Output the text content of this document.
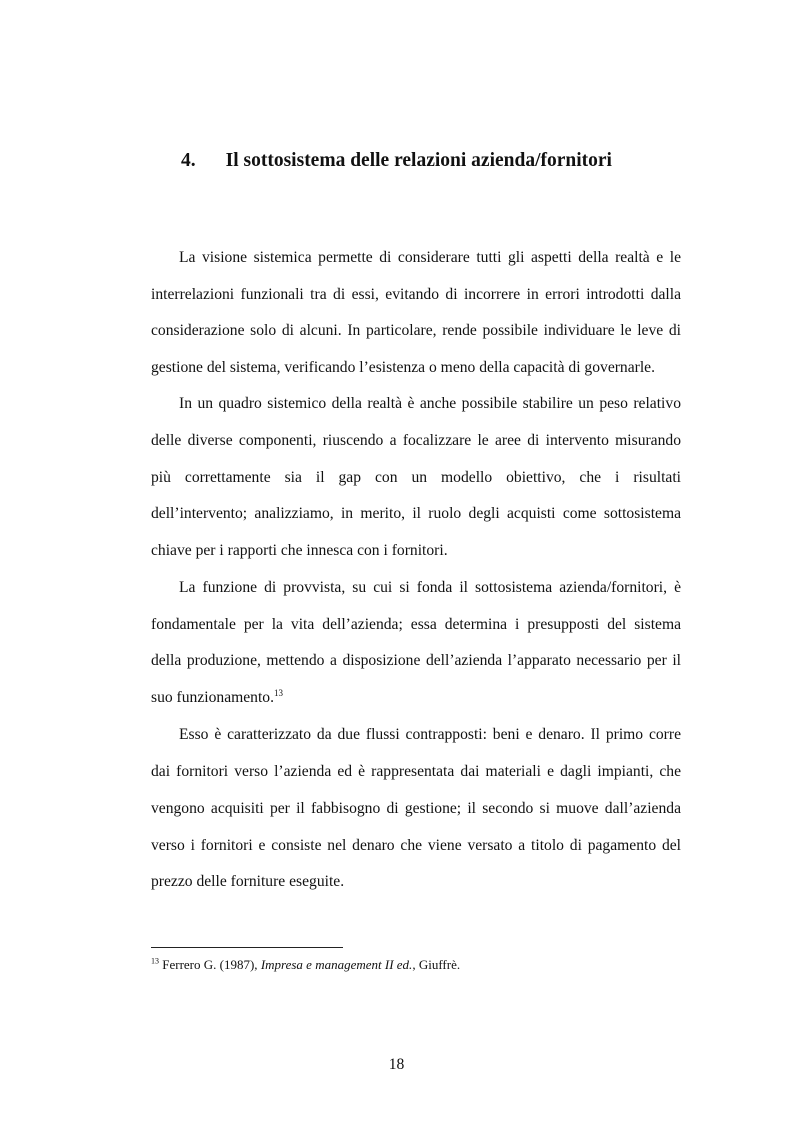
4. Il sottosistema delle relazioni azienda/fornitori
La visione sistemica permette di considerare tutti gli aspetti della realtà e le
interrelazioni funzionali tra di essi, evitando di incorrere in errori introdotti dalla
considerazione solo di alcuni. In particolare, rende possibile individuare le leve di
gestione del sistema, verificando l’esistenza o meno della capacità di governarle.
In un quadro sistemico della realtà è anche possibile stabilire un peso relativo
delle diverse componenti, riuscendo a focalizzare le aree di intervento misurando
più correttamente sia il gap con un modello obiettivo, che i risultati
dell’intervento; analizziamo, in merito, il ruolo degli acquisti come sottosistema
chiave per i rapporti che innesca con i fornitori.
La funzione di provvista, su cui si fonda il sottosistema azienda/fornitori, è
fondamentale per la vita dell’azienda; essa determina i presupposti del sistema
della produzione, mettendo a disposizione dell’azienda l’apparato necessario per il
suo funzionamento.$^{13}$
Esso è caratterizzato da due flussi contrapposti: beni e denaro. Il primo corre
dai fornitori verso l’azienda ed è rappresentata dai materiali e dagli impianti, che
vengono acquisiti per il fabbisogno di gestione; il secondo si muove dall’azienda
verso i fornitori e consiste nel denaro che viene versato a titolo di pagamento del
prezzo delle forniture eseguite.
$^{13}$ Ferrero G. (1987), Impresa e management II ed., Giuffrè.
18
